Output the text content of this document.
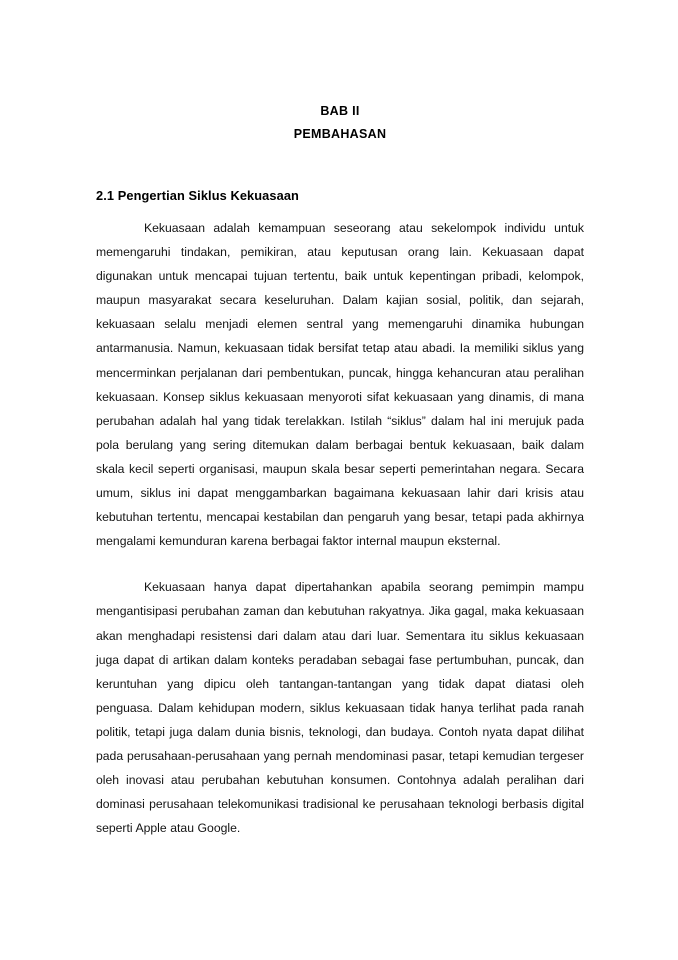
BAB II
PEMBAHASAN
2.1 Pengertian Siklus Kekuasaan

Kekuasaan adalah kemampuan seseorang atau sekelompok individu untuk memengaruhi tindakan, pemikiran, atau keputusan orang lain. Kekuasaan dapat digunakan untuk mencapai tujuan tertentu, baik untuk kepentingan pribadi, kelompok, maupun masyarakat secara keseluruhan. Dalam kajian sosial, politik, dan sejarah, kekuasaan selalu menjadi elemen sentral yang memengaruhi dinamika hubungan antarmanusia. Namun, kekuasaan tidak bersifat tetap atau abadi. Ia memiliki siklus yang mencerminkan perjalanan dari pembentukan, puncak, hingga kehancuran atau peralihan kekuasaan. Konsep siklus kekuasaan menyoroti sifat kekuasaan yang dinamis, di mana perubahan adalah hal yang tidak terelakkan. Istilah “siklus” dalam hal ini merujuk pada pola berulang yang sering ditemukan dalam berbagai bentuk kekuasaan, baik dalam skala kecil seperti organisasi, maupun skala besar seperti pemerintahan negara. Secara umum, siklus ini dapat menggambarkan bagaimana kekuasaan lahir dari krisis atau kebutuhan tertentu, mencapai kestabilan dan pengaruh yang besar, tetapi pada akhirnya mengalami kemunduran karena berbagai faktor internal maupun eksternal.

Kekuasaan hanya dapat dipertahankan apabila seorang pemimpin mampu mengantisipasi perubahan zaman dan kebutuhan rakyatnya. Jika gagal, maka kekuasaan akan menghadapi resistensi dari dalam atau dari luar. Sementara itu siklus kekuasaan juga dapat di artikan dalam konteks peradaban sebagai fase pertumbuhan, puncak, dan keruntuhan yang dipicu oleh tantangan-tantangan yang tidak dapat diatasi oleh penguasa. Dalam kehidupan modern, siklus kekuasaan tidak hanya terlihat pada ranah politik, tetapi juga dalam dunia bisnis, teknologi, dan budaya. Contoh nyata dapat dilihat pada perusahaan-perusahaan yang pernah mendominasi pasar, tetapi kemudian tergeser oleh inovasi atau perubahan kebutuhan konsumen. Contohnya adalah peralihan dari dominasi perusahaan telekomunikasi tradisional ke perusahaan teknologi berbasis digital seperti Apple atau Google.
